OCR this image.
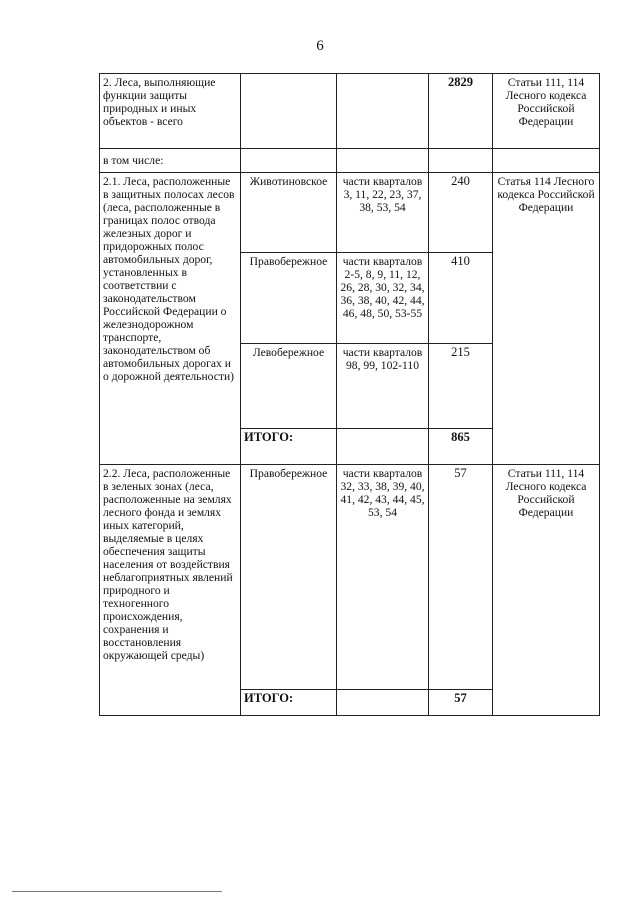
6
2. Леса, выполняющие функции защиты природных и иных объектов - всего			2829	Статьи 111, 114 Лесного кодекса Российской Федерации
в том числе:				
2.1. Леса, расположенные в защитных полосах лесов (леса, расположенные в границах полос отвода железных дорог и придорожных полос автомобильных дорог, установленных в соответствии с законодательством Российской Федерации о железнодорожном транспорте, законодательством об автомобильных дорогах и о дорожной деятельности)	Животиновское	части кварталов 3, 11, 22, 23, 37, 38, 53, 54	240	Статья 114 Лесного кодекса Российской Федерации
	Правобережное	части кварталов 2-5, 8, 9, 11, 12, 26, 28, 30, 32, 34, 36, 38, 40, 42, 44, 46, 48, 50, 53-55	410	
	Левобережное	части кварталов 98, 99, 102-110	215	
	ИТОГО:		865	
2.2. Леса, расположенные в зеленых зонах (леса, расположенные на землях лесного фонда и землях иных категорий, выделяемые в целях обеспечения защиты населения от воздействия неблагоприятных явлений природного и техногенного происхождения, сохранения и восстановления окружающей среды)	Правобережное	части кварталов 32, 33, 38, 39, 40, 41, 42, 43, 44, 45, 53, 54	57	Статьи 111, 114 Лесного кодекса Российской Федерации
	ИТОГО:		57	
